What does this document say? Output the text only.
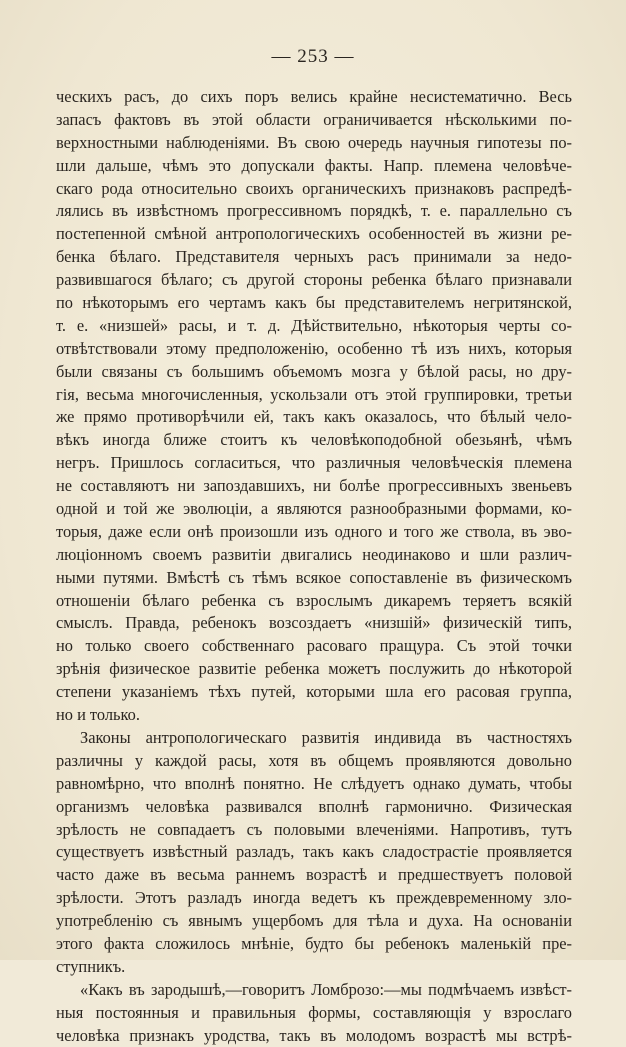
— 253 —
ческихъ расъ, до сихъ поръ велись крайне несистематично. Весь
запасъ фактовъ въ этой области ограничивается нѣсколькими по-
верхностными наблюденіями. Въ свою очередь научныя гипотезы по-
шли дальше, чѣмъ это допускали факты. Напр. племена человѣче-
скаго рода относительно своихъ органическихъ признаковъ распредѣ-
лялись въ извѣстномъ прогрессивномъ порядкѣ, т. е. параллельно съ
постепенной смѣной антропологическихъ особенностей въ жизни ре-
бенка бѣлаго. Представителя черныхъ расъ принимали за недо-
развившагося бѣлаго; съ другой стороны ребенка бѣлаго признавали
по нѣкоторымъ его чертамъ какъ бы представителемъ негритянской,
т. е. «низшей» расы, и т. д. Дѣйствительно, нѣкоторыя черты со-
отвѣтствовали этому предположенію, особенно тѣ изъ нихъ, которыя
были связаны съ большимъ объемомъ мозга у бѣлой расы, но дру-
гія, весьма многочисленныя, ускользали отъ этой группировки, третьи
же прямо противорѣчили ей, такъ какъ оказалось, что бѣлый чело-
вѣкъ иногда ближе стоитъ къ человѣкоподобной обезьянѣ, чѣмъ
негръ. Пришлось согласиться, что различныя человѣческія племена
не составляютъ ни запоздавшихъ, ни болѣе прогрессивныхъ звеньевъ
одной и той же эволюціи, а являются разнообразными формами, ко-
торыя, даже если онѣ произошли изъ одного и того же ствола, въ эво-
люціонномъ своемъ развитіи двигались неодинаково и шли различ-
ными путями. Вмѣстѣ съ тѣмъ всякое сопоставленіе въ физическомъ
отношеніи бѣлаго ребенка съ взрослымъ дикаремъ теряетъ всякій
смыслъ. Правда, ребенокъ возсоздаетъ «низшій» физическій типъ,
но только своего собственнаго расоваго пращура. Съ этой точки
зрѣнія физическое развитіе ребенка можетъ послужить до нѣкоторой
степени указаніемъ тѣхъ путей, которыми шла его расовая группа,
но и только.
Законы антропологическаго развитія индивида въ частностяхъ
различны у каждой расы, хотя въ общемъ проявляются довольно
равномѣрно, что вполнѣ понятно. Не слѣдуетъ однако думать, чтобы
организмъ человѣка развивался вполнѣ гармонично. Физическая
зрѣлость не совпадаетъ съ половыми влеченіями. Напротивъ, тутъ
существуетъ извѣстный разладъ, такъ какъ сладострастіе проявляется
часто даже въ весьма раннемъ возрастѣ и предшествуетъ половой
зрѣлости. Этотъ разладъ иногда ведетъ къ преждевременному зло-
употребленію съ явнымъ ущербомъ для тѣла и духа. На основаніи
этого факта сложилось мнѣніе, будто бы ребенокъ маленькій пре-
ступникъ.
«Какъ въ зародышѣ,—говоритъ Ломброзо:—мы подмѣчаемъ извѣст-
ныя постоянныя и правильныя формы, составляющія у взрослаго
человѣка признакъ уродства, такъ въ молодомъ возрастѣ мы встрѣ-
